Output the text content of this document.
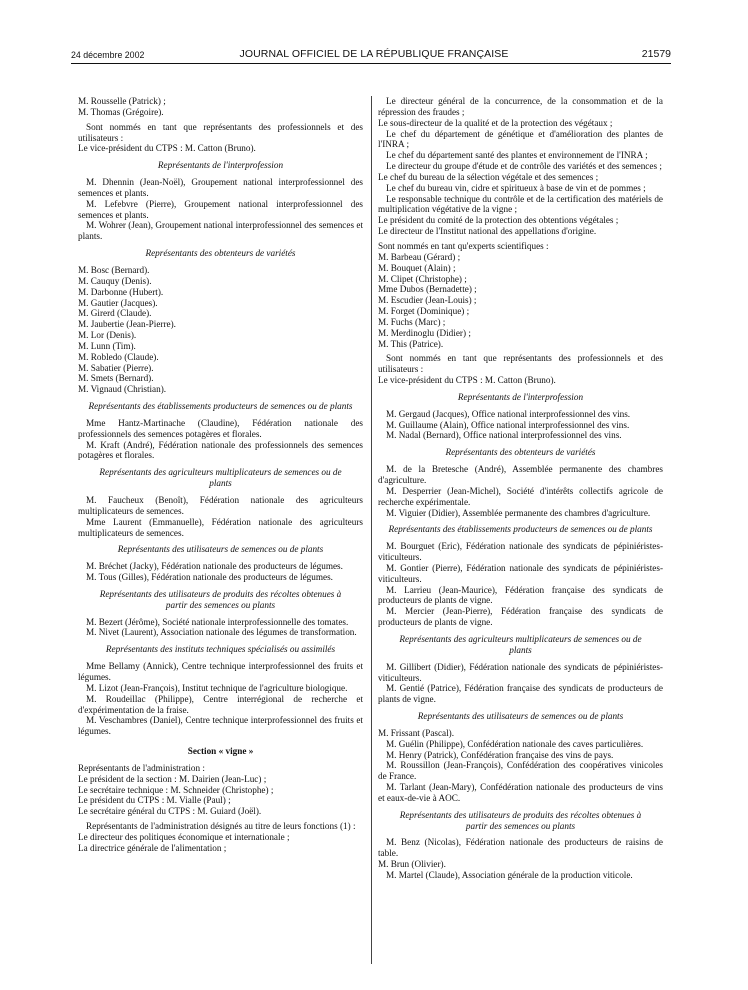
24 décembre 2002	JOURNAL OFFICIEL DE LA RÉPUBLIQUE FRANÇAISE	21579

M. Rousselle (Patrick) ;

M. Thomas (Grégoire).

Sont nommés en tant que représentants des professionnels et des utilisateurs :

Le vice-président du CTPS : M. Catton (Bruno).

Représentants de l'interprofession

M. Dhennin (Jean-Noël), Groupement national interprofessionnel des semences et plants.

M. Lefebvre (Pierre), Groupement national interprofessionnel des semences et plants.

M. Wohrer (Jean), Groupement national interprofessionnel des semences et plants.

Représentants des obtenteurs de variétés

M. Bosc (Bernard).

M. Cauquy (Denis).

M. Darbonne (Hubert).

M. Gautier (Jacques).

M. Girerd (Claude).

M. Jaubertie (Jean-Pierre).

M. Lor (Denis).

M. Lunn (Tim).

M. Robledo (Claude).

M. Sabatier (Pierre).

M. Smets (Bernard).

M. Vignaud (Christian).

Représentants des établissements producteurs de semences ou de plants

Mme Hantz-Martinache (Claudine), Fédération nationale des professionnels des semences potagères et florales.

M. Kraft (André), Fédération nationale des professionnels des semences potagères et florales.

Représentants des agriculteurs multiplicateurs de semences ou de plants

M. Faucheux (Benoît), Fédération nationale des agriculteurs multiplicateurs de semences.

Mme Laurent (Emmanuelle), Fédération nationale des agriculteurs multiplicateurs de semences.

Représentants des utilisateurs de semences ou de plants

M. Bréchet (Jacky), Fédération nationale des producteurs de légumes.

M. Tous (Gilles), Fédération nationale des producteurs de légumes.

Représentants des utilisateurs de produits des récoltes obtenues à partir des semences ou plants

M. Bezert (Jérôme), Société nationale interprofessionnelle des tomates.

M. Nivet (Laurent), Association nationale des légumes de transformation.

Représentants des instituts techniques spécialisés ou assimilés

Mme Bellamy (Annick), Centre technique interprofessionnel des fruits et légumes.

M. Lizot (Jean-François), Institut technique de l'agriculture biologique.

M. Roudeillac (Philippe), Centre interrégional de recherche et d'expérimentation de la fraise.

M. Veschambres (Daniel), Centre technique interprofessionnel des fruits et légumes.

Section « vigne »

Représentants de l'administration :

Le président de la section : M. Dairien (Jean-Luc) ;

Le secrétaire technique : M. Schneider (Christophe) ;

Le président du CTPS : M. Vialle (Paul) ;

Le secrétaire général du CTPS : M. Guiard (Joël).

Représentants de l'administration désignés au titre de leurs fonctions (1) :

Le directeur des politiques économique et internationale ;

La directrice générale de l'alimentation ;

Le directeur général de la concurrence, de la consommation et de la répression des fraudes ;

Le sous-directeur de la qualité et de la protection des végétaux ;

Le chef du département de génétique et d'amélioration des plantes de l'INRA ;

Le chef du département santé des plantes et environnement de l'INRA ;

Le directeur du groupe d'étude et de contrôle des variétés et des semences ;

Le chef du bureau de la sélection végétale et des semences ;

Le chef du bureau vin, cidre et spiritueux à base de vin et de pommes ;

Le responsable technique du contrôle et de la certification des matériels de multiplication végétative de la vigne ;

Le président du comité de la protection des obtentions végétales ;

Le directeur de l'Institut national des appellations d'origine.

Sont nommés en tant qu'experts scientifiques :

M. Barbeau (Gérard) ;

M. Bouquet (Alain) ;

M. Clipet (Christophe) ;

Mme Dubos (Bernadette) ;

M. Escudier (Jean-Louis) ;

M. Forget (Dominique) ;

M. Fuchs (Marc) ;

M. Merdinoglu (Didier) ;

M. This (Patrice).

Sont nommés en tant que représentants des professionnels et des utilisateurs :

Le vice-président du CTPS : M. Catton (Bruno).

Représentants de l'interprofession

M. Gergaud (Jacques), Office national interprofessionnel des vins.

M. Guillaume (Alain), Office national interprofessionnel des vins.

M. Nadal (Bernard), Office national interprofessionnel des vins.

Représentants des obtenteurs de variétés

M. de la Bretesche (André), Assemblée permanente des chambres d'agriculture.

M. Desperrier (Jean-Michel), Société d'intérêts collectifs agricole de recherche expérimentale.

M. Viguier (Didier), Assemblée permanente des chambres d'agriculture.

Représentants des établissements producteurs de semences ou de plants

M. Bourguet (Eric), Fédération nationale des syndicats de pépiniéristes-viticulteurs.

M. Gontier (Pierre), Fédération nationale des syndicats de pépiniéristes-viticulteurs.

M. Larrieu (Jean-Maurice), Fédération française des syndicats de producteurs de plants de vigne.

M. Mercier (Jean-Pierre), Fédération française des syndicats de producteurs de plants de vigne.

Représentants des agriculteurs multiplicateurs de semences ou de plants

M. Gillibert (Didier), Fédération nationale des syndicats de pépiniéristes-viticulteurs.

M. Gentié (Patrice), Fédération française des syndicats de producteurs de plants de vigne.

Représentants des utilisateurs de semences ou de plants

M. Frissant (Pascal).

M. Guélin (Philippe), Confédération nationale des caves particulières.

M. Henry (Patrick), Confédération française des vins de pays.

M. Roussillon (Jean-François), Confédération des coopératives vinicoles de France.

M. Tarlant (Jean-Mary), Confédération nationale des producteurs de vins et eaux-de-vie à AOC.

Représentants des utilisateurs de produits des récoltes obtenues à partir des semences ou plants

M. Benz (Nicolas), Fédération nationale des producteurs de raisins de table.

M. Brun (Olivier).

M. Martel (Claude), Association générale de la production viticole.
